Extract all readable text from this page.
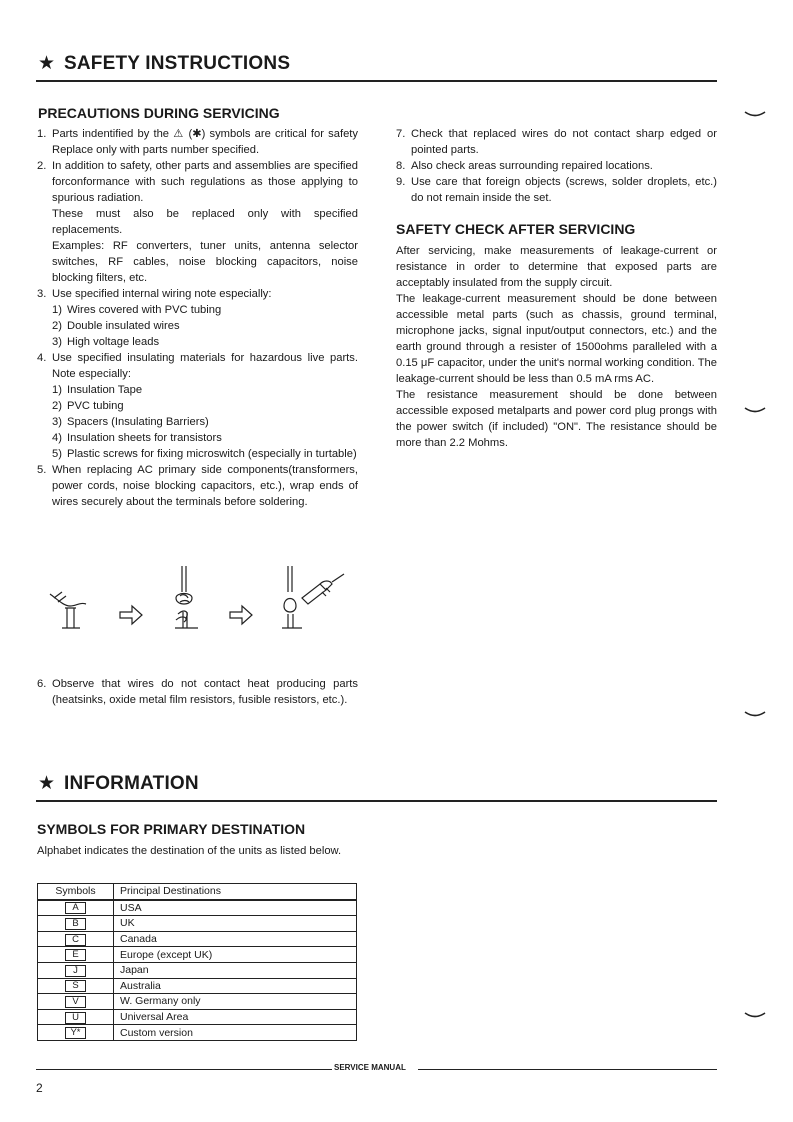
★ SAFETY INSTRUCTIONS
PRECAUTIONS DURING SERVICING
1. Parts indentified by the ⚠ (✱) symbols are critical for safety Replace only with parts number specified.

2. In addition to safety, other parts and assemblies are specified forconformance with such regulations as those applying to spurious radiation.

These must also be replaced only with specified replacements.

Examples: RF converters, tuner units, antenna selector switches, RF cables, noise blocking capacitors, noise blocking filters, etc.

3. Use specified internal wiring note especially:

1) Wires covered with PVC tubing
2) Double insulated wires
3) High voltage leads
4. Use specified insulating materials for hazardous live parts. Note especially:

1) Insulation Tape
2) PVC tubing
3) Spacers (Insulating Barriers)
4) Insulation sheets for transistors
5) Plastic screws for fixing microswitch (especially in turtable)
5. When replacing AC primary side components(transformers, power cords, noise blocking capacitors, etc.), wrap ends of wires securely about the terminals before soldering.

6. Observe that wires do not contact heat producing parts (heatsinks, oxide metal film resistors, fusible resistors, etc.).

7. Check that replaced wires do not contact sharp edged or pointed parts.

8. Also check areas surrounding repaired locations.

9. Use care that foreign objects (screws, solder droplets, etc.) do not remain inside the set.

SAFETY CHECK AFTER SERVICING

After servicing, make measurements of leakage-current or resistance in order to determine that exposed parts are acceptably insulated from the supply circuit.

The leakage-current measurement should be done between accessible metal parts (such as chassis, ground terminal, microphone jacks, signal input/output connectors, etc.) and the earth ground through a resister of 1500ohms paralleled with a 0.15 μF capacitor, under the unit's normal working condition. The leakage-current should be less than 0.5 mA rms AC.

The resistance measurement should be done between accessible exposed metalparts and power cord plug prongs with the power switch (if included) "ON". The resistance should be more than 2.2 Mohms.

★ INFORMATION
SYMBOLS FOR PRIMARY DESTINATION
Alphabet indicates the destination of the units as listed below.
Symbols	Principal Destinations
A	USA
B	UK
C	Canada
E	Europe (except UK)
J	Japan
S	Australia
V	W. Germany only
U	Universal Area
Y*	Custom version
SERVICE MANUAL
2
